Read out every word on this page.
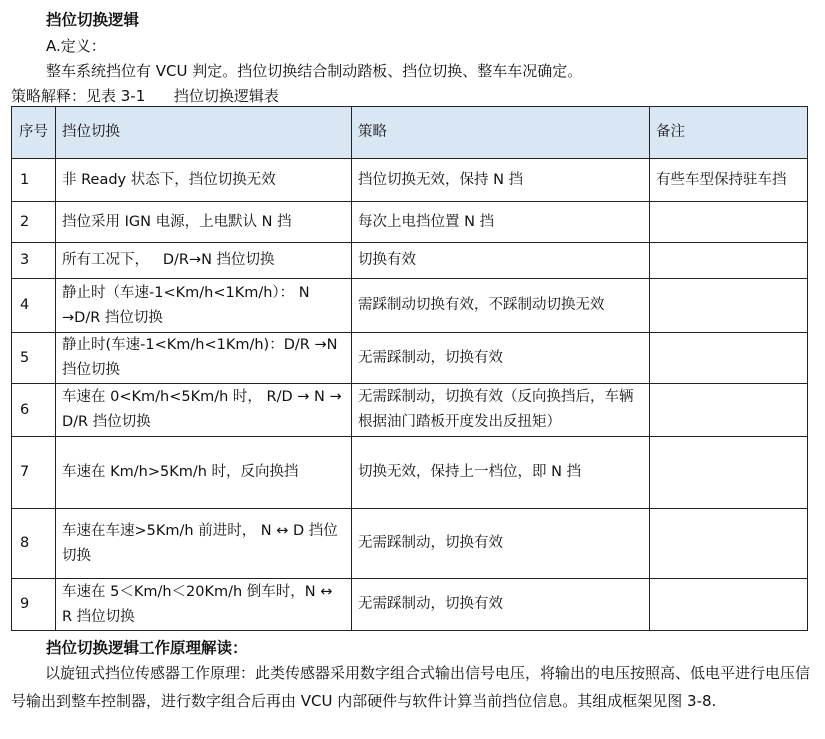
挡位切换逻辑
A.定义：
整车系统挡位有 VCU 判定。挡位切换结合制动踏板、挡位切换、整车车况确定。
策略解释：见表 3-1      挡位切换逻辑表
序号	挡位切换	策略	备注
1	非 Ready 状态下，挡位切换无效	挡位切换无效，保持 N 挡	有些车型保持驻车挡
2	挡位采用 IGN 电源，上电默认 N 挡	每次上电挡位置 N 挡	
3	所有工况下，   D/R→N 挡位切换	切换有效	
4	静止时（车速-1<Km/h<1Km/h）： N →D/R 挡位切换	需踩制动切换有效，不踩制动切换无效	
5	静止时(车速-1<Km/h<1Km/h)：D/R →N 挡位切换	无需踩制动，切换有效	
6	车速在 0<Km/h<5Km/h 时， R/D → N → D/R 挡位切换	无需踩制动，切换有效（反向换挡后，车辆根据油门踏板开度发出反扭矩）	
7	车速在 Km/h>5Km/h 时，反向换挡	切换无效，保持上一档位，即 N 挡	
8	车速在车速>5Km/h 前进时， N ↔ D 挡位切换	无需踩制动，切换有效	
9	车速在 5＜Km/h＜20Km/h 倒车时，N ↔ R 挡位切换	无需踩制动，切换有效	
挡位切换逻辑工作原理解读：
以旋钮式挡位传感器工作原理：此类传感器采用数字组合式输出信号电压，将输出的电压按照高、低电平进行电压信号输出到整车控制器，进行数字组合后再由 VCU 内部硬件与软件计算当前挡位信息。其组成框架见图 3-8.
